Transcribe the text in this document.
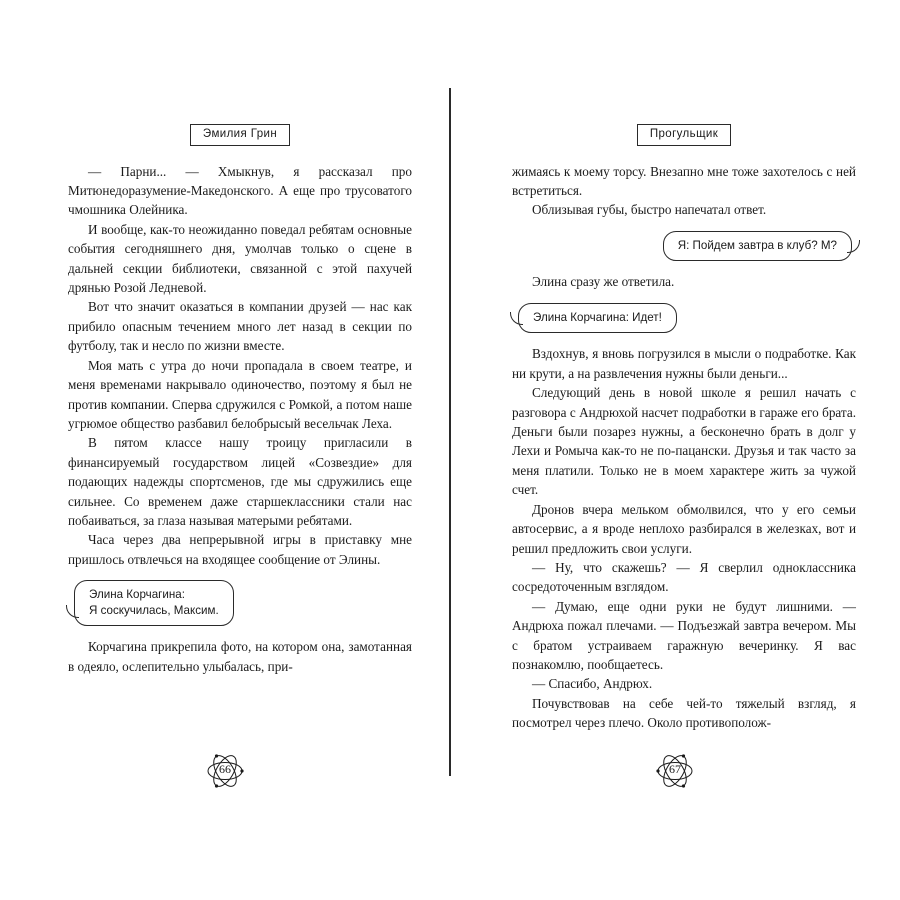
Эмилия Грин

— Парни... — Хмыкнув, я рассказал про Митюнедоразумение-Македонского. А еще про трусоватого чмошника Олейника.

И вообще, как-то неожиданно поведал ребятам основные события сегодняшнего дня, умолчав только о сцене в дальней секции библиотеки, связанной с этой пахучей дрянью Розой Ледневой.

Вот что значит оказаться в компании друзей — нас как прибило опасным течением много лет назад в секции по футболу, так и несло по жизни вместе.

Моя мать с утра до ночи пропадала в своем театре, и меня временами накрывало одиночество, поэтому я был не против компании. Сперва сдружился с Ромкой, а потом наше угрюмое общество разбавил белобрысый весельчак Леха.

В пятом классе нашу троицу пригласили в финансируемый государством лицей «Созвездие» для подающих надежды спортсменов, где мы сдружились еще сильнее. Со временем даже старшеклассники стали нас побаиваться, за глаза называя матерыми ребятами.

Часа через два непрерывной игры в приставку мне пришлось отвлечься на входящее сообщение от Элины.

Элина Корчагина:
Я соскучилась, Максим.

Корчагина прикрепила фото, на котором она, замотанная в одеяло, ослепительно улыбалась, при-

66
Прогульщик

жимаясь к моему торсу. Внезапно мне тоже захотелось с ней встретиться.

Облизывая губы, быстро напечатал ответ.

Я: Пойдем завтра в клуб? М?

Элина сразу же ответила.

Элина Корчагина: Идет!

Вздохнув, я вновь погрузился в мысли о подработке. Как ни крути, а на развлечения нужны были деньги...

Следующий день в новой школе я решил начать с разговора с Андрюхой насчет подработки в гараже его брата. Деньги были позарез нужны, а бесконечно брать в долг у Лехи и Ромыча как-то не по-пацански. Друзья и так часто за меня платили. Только не в моем характере жить за чужой счет.

Дронов вчера мельком обмолвился, что у его семьи автосервис, а я вроде неплохо разбирался в железках, вот и решил предложить свои услуги.

— Ну, что скажешь? — Я сверлил одноклассника сосредоточенным взглядом.

— Думаю, еще одни руки не будут лишними. — Андрюха пожал плечами. — Подъезжай завтра вечером. Мы с братом устраиваем гаражную вечеринку. Я вас познакомлю, пообщаетесь.

— Спасибо, Андрюх.

Почувствовав на себе чей-то тяжелый взгляд, я посмотрел через плечо. Около противополож-

67
